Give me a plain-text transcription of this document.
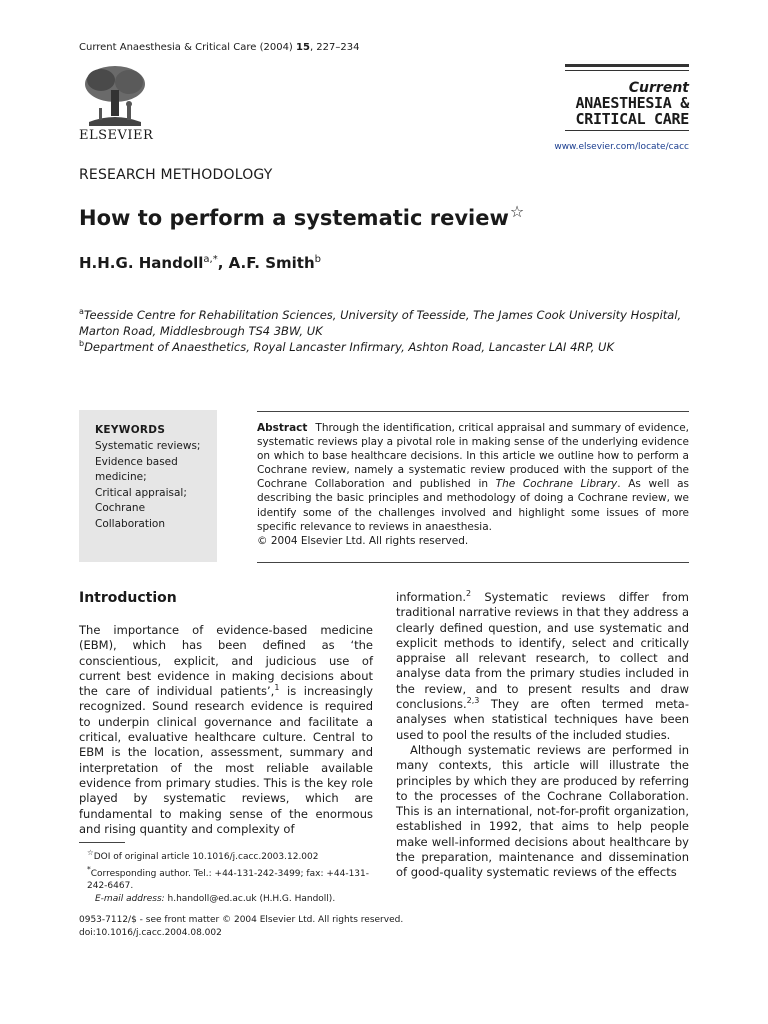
Current Anaesthesia & Critical Care (2004) 15, 227–234
ELSEVIER
Current
ANAESTHESIA &
CRITICAL CARE
www.elsevier.com/locate/cacc
RESEARCH METHODOLOGY
How to perform a systematic review☆
H.H.G. Handoll$^{a,*}$, A.F. Smith$^b$
$^a$Teesside Centre for Rehabilitation Sciences, University of Teesside, The James Cook University Hospital, Marton Road, Middlesbrough TS4 3BW, UK
$^b$Department of Anaesthetics, Royal Lancaster Infirmary, Ashton Road, Lancaster LAI 4RP, UK
KEYWORDS
Systematic reviews;
Evidence based
medicine;
Critical appraisal;
Cochrane
Collaboration
Abstract Through the identification, critical appraisal and summary of evidence, systematic reviews play a pivotal role in making sense of the underlying evidence on which to base healthcare decisions. In this article we outline how to perform a Cochrane review, namely a systematic review produced with the support of the Cochrane Collaboration and published in The Cochrane Library. As well as describing the basic principles and methodology of doing a Cochrane review, we identify some of the challenges involved and highlight some issues of more specific relevance to reviews in anaesthesia.
© 2004 Elsevier Ltd. All rights reserved.
Introduction

The importance of evidence-based medicine (EBM), which has been defined as ‘the conscientious, explicit, and judicious use of current best evidence in making decisions about the care of individual patients’,$^1$ is increasingly recognized. Sound research evidence is required to underpin clinical governance and facilitate a critical, evaluative healthcare culture. Central to EBM is the location, assessment, summary and interpretation of the most reliable available evidence from primary studies. This is the key role played by systematic reviews, which are fundamental to making sense of the enormous and rising quantity and complexity of

information.$^2$ Systematic reviews differ from traditional narrative reviews in that they address a clearly defined question, and use systematic and explicit methods to identify, select and critically appraise all relevant research, to collect and analyse data from the primary studies included in the review, and to present results and draw conclusions.$^{2,3}$ They are often termed meta-analyses when statistical techniques have been used to pool the results of the included studies.

Although systematic reviews are performed in many contexts, this article will illustrate the principles by which they are produced by referring to the processes of the Cochrane Collaboration. This is an international, not-for-profit organization, established in 1992, that aims to help people make well-informed decisions about healthcare by the preparation, maintenance and dissemination of good-quality systematic reviews of the effects

☆DOI of original article 10.1016/j.cacc.2003.12.002
*Corresponding author. Tel.: +44-131-242-3499; fax: +44-131-242-6467.
E-mail address: h.handoll@ed.ac.uk (H.H.G. Handoll).
0953-7112/$ - see front matter © 2004 Elsevier Ltd. All rights reserved.
doi:10.1016/j.cacc.2004.08.002
